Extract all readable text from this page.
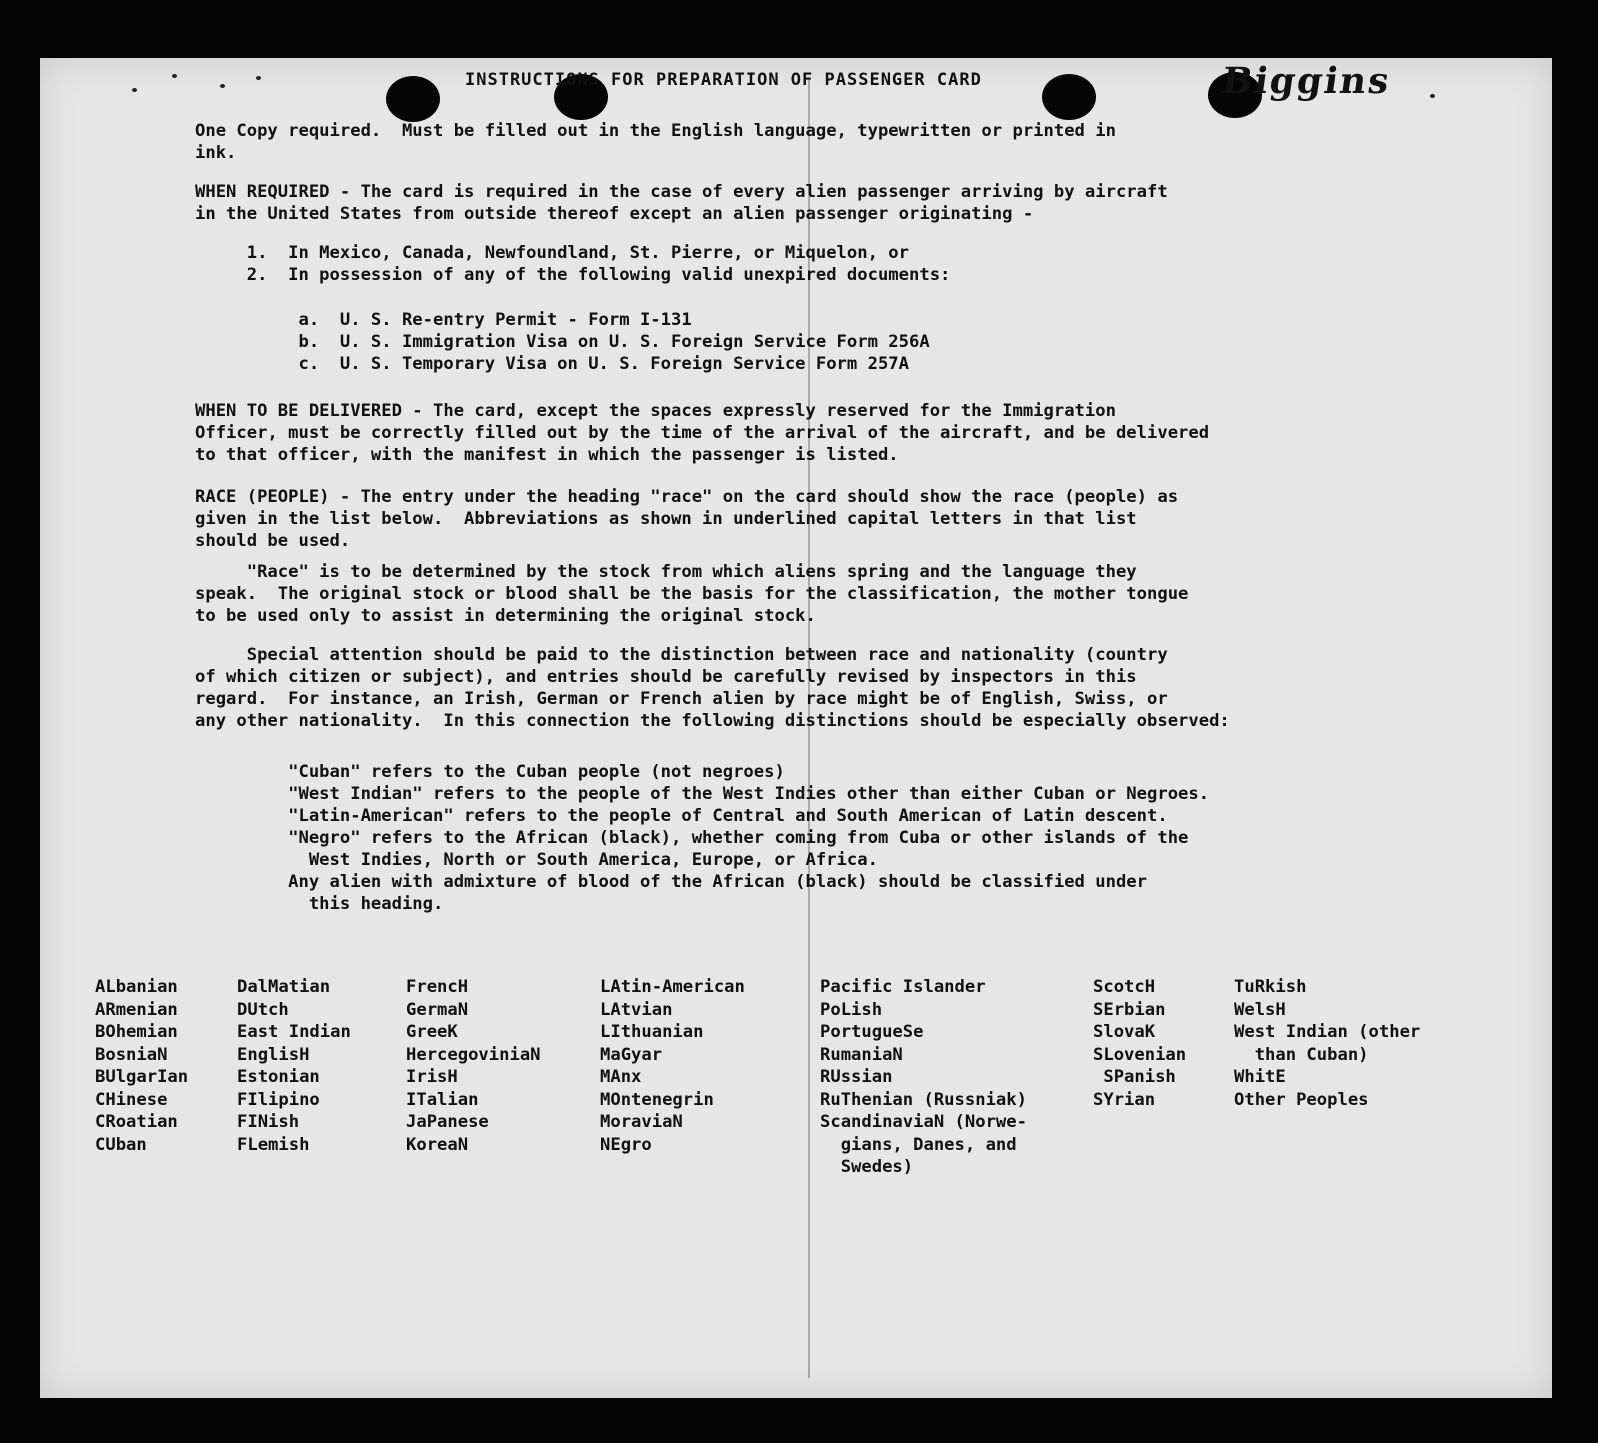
INSTRUCTIONS FOR PREPARATION OF PASSENGER CARD	Biggins
One Copy required.  Must be filled out in the English language, typewritten or printed in
ink.
WHEN REQUIRED - The card is required in the case of every alien passenger arriving by aircraft
in the United States from outside thereof except an alien passenger originating -
1.  In Mexico, Canada, Newfoundland, St. Pierre, or Miquelon, or
2.  In possession of any of the following valid unexpired documents:
a.  U. S. Re-entry Permit - Form I-131
b.  U. S. Immigration Visa on U. S. Foreign Service Form 256A
c.  U. S. Temporary Visa on U. S. Foreign Service Form 257A
WHEN TO BE DELIVERED - The card, except the spaces expressly reserved for the Immigration
Officer, must be correctly filled out by the time of the arrival of the aircraft, and be delivered
to that officer, with the manifest in which the passenger is listed.
RACE (PEOPLE) - The entry under the heading "race" on the card should show the race (people) as
given in the list below.  Abbreviations as shown in underlined capital letters in that list
should be used.
"Race" is to be determined by the stock from which aliens spring and the language they
speak.  The original stock or blood shall be the basis for the classification, the mother tongue
to be used only to assist in determining the original stock.
Special attention should be paid to the distinction between race and nationality (country
of which citizen or subject), and entries should be carefully revised by inspectors in this
regard.  For instance, an Irish, German or French alien by race might be of English, Swiss, or
any other nationality.  In this connection the following distinctions should be especially observed:
"Cuban" refers to the Cuban people (not negroes)
"West Indian" refers to the people of the West Indies other than either Cuban or Negroes.
"Latin-American" refers to the people of Central and South American of Latin descent.
"Negro" refers to the African (black), whether coming from Cuba or other islands of the
West Indies, North or South America, Europe, or Africa.
Any alien with admixture of blood of the African (black) should be classified under
this heading.
ALbanian
ARmenian
BOhemian
BosniaN
BUlgarIan
CHinese
CRoatian
CUban
DalMatian
DUtch
East Indian
EnglisH
Estonian
FIlipino
FINish
FLemish
FrencH
GermaN
GreeK
HercegoviniaN
IrisH
ITalian
JaPanese
KoreaN
LAtin-American
LAtvian
LIthuanian
MaGyar
MAnx
MOntenegrin
MoraviaN
NEgro
Pacific Islander
PoLish
PortugueSe
RumaniaN
RUssian
RuThenian (Russniak)
ScandinaviaN (Norwe-
gians, Danes, and
Swedes)
ScotcH
SErbian
SlovaK
SLovenian
SPanish
SYrian
TuRkish
WelsH
West Indian (other
than Cuban)
WhitE
Other Peoples
